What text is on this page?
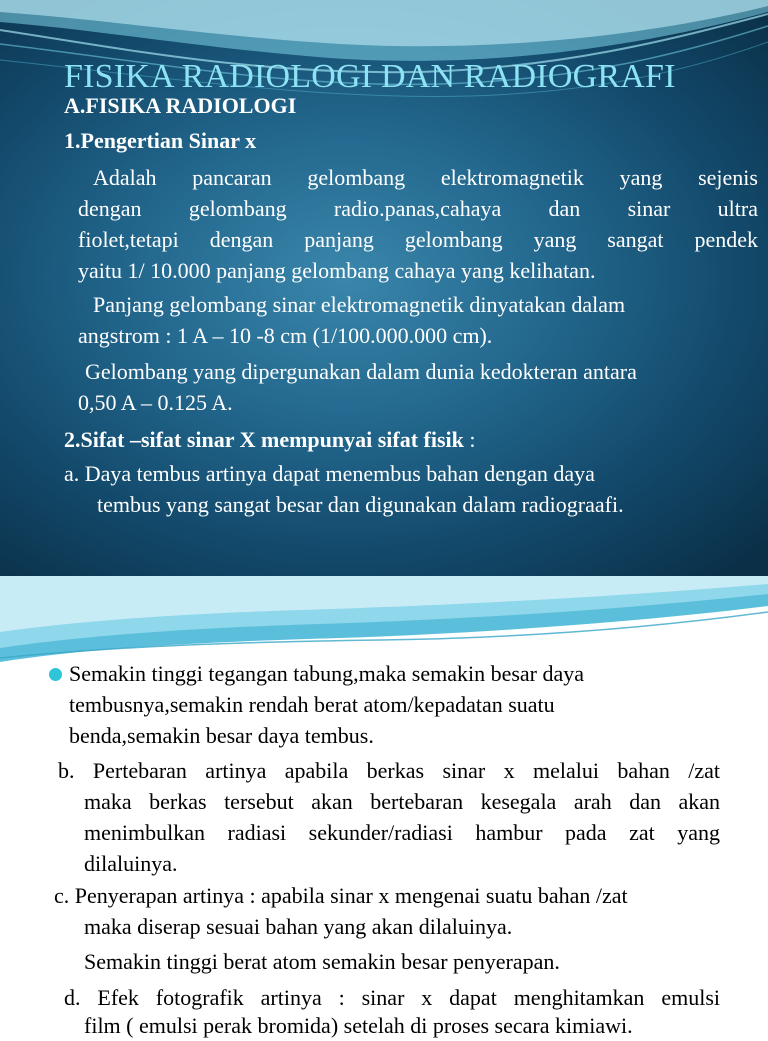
FISIKA RADIOLOGI DAN RADIOGRAFI
A.FISIKA RADIOLOGI
1.Pengertian Sinar x
Adalah pancaran gelombang elektromagnetik yang sejenis
dengan gelombang radio.panas,cahaya dan sinar ultra
fiolet,tetapi dengan panjang gelombang yang sangat pendek
yaitu 1/ 10.000 panjang gelombang cahaya yang kelihatan.
Panjang gelombang sinar elektromagnetik dinyatakan dalam
angstrom : 1 A – 10 -8 cm (1/100.000.000 cm).
Gelombang yang dipergunakan dalam dunia kedokteran antara
0,50 A – 0.125 A.
2.Sifat –sifat sinar X mempunyai sifat fisik :
a. Daya tembus artinya dapat menembus bahan dengan daya
tembus yang sangat besar dan digunakan dalam radiograafi.
Semakin tinggi tegangan tabung,maka semakin besar daya
tembusnya,semakin rendah berat atom/kepadatan suatu
benda,semakin besar daya tembus.
b. Pertebaran artinya apabila berkas sinar x melalui bahan /zat
maka berkas tersebut akan bertebaran kesegala arah dan akan
menimbulkan radiasi sekunder/radiasi hambur pada zat yang
dilaluinya.
c. Penyerapan artinya : apabila sinar x mengenai suatu bahan /zat
maka diserap sesuai bahan yang akan dilaluinya.
Semakin tinggi berat atom semakin besar penyerapan.
d. Efek fotografik artinya : sinar x dapat menghitamkan emulsi
film ( emulsi perak bromida) setelah di proses secara kimiawi.
